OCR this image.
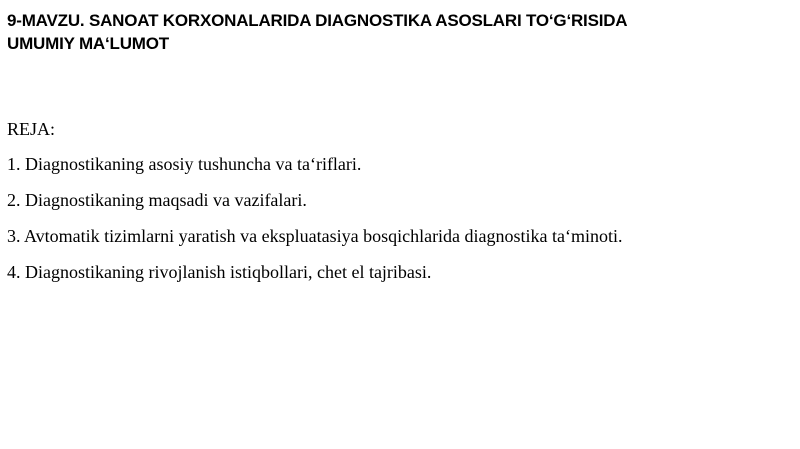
9-MAVZU. SANOAT KORXONALARIDA DIAGNOSTIKA ASOSLARI TO‘G‘RISIDA
UMUMIY MA‘LUMOT
REJA:
1. Diagnostikaning asosiy tushuncha va ta‘riflari.
2. Diagnostikaning maqsadi va vazifalari.
3. Avtomatik tizimlarni yaratish va ekspluatasiya bosqichlarida diagnostika ta‘minoti.
4. Diagnostikaning rivojlanish istiqbollari, chet el tajribasi.
